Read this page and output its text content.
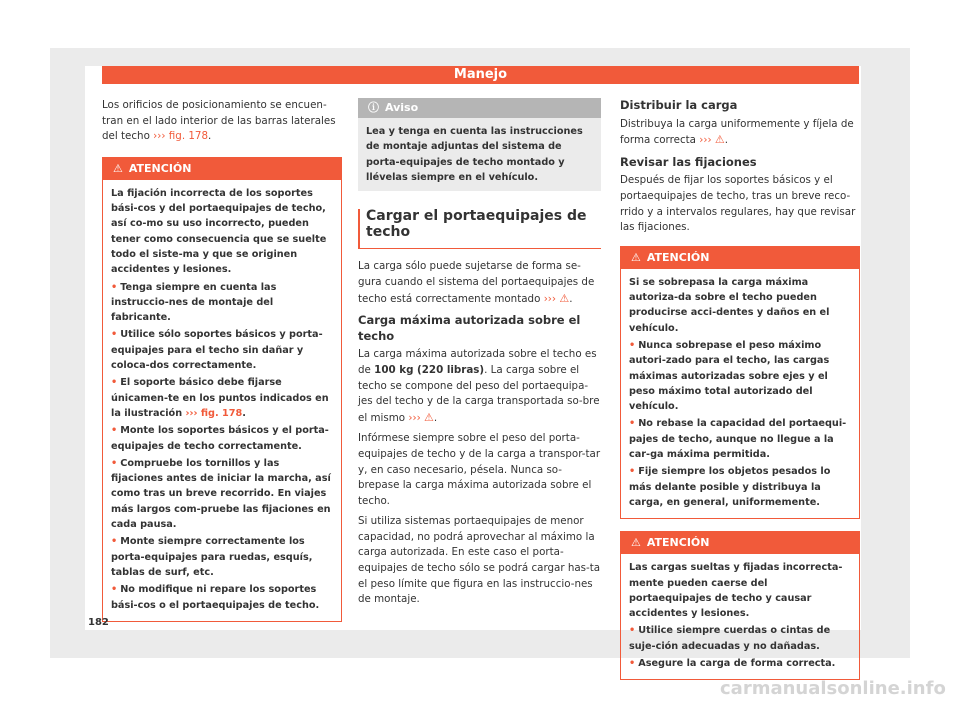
Manejo

Los orificios de posicionamiento se encuen-tran en el lado interior de las barras laterales del techo ››› fig. 178.

⚠ ATENCIÓN

La fijación incorrecta de los soportes bási-cos y del portaequipajes de techo, así co-mo su uso incorrecto, pueden tener como consecuencia que se suelte todo el siste-ma y que se originen accidentes y lesiones.

• Tenga siempre en cuenta las instruccio-nes de montaje del fabricante.

• Utilice sólo soportes básicos y porta-equipajes para el techo sin dañar y coloca-dos correctamente.

• El soporte básico debe fijarse únicamen-te en los puntos indicados en la ilustración ››› fig. 178.

• Monte los soportes básicos y el porta-equipajes de techo correctamente.

• Compruebe los tornillos y las fijaciones antes de iniciar la marcha, así como tras un breve recorrido. En viajes más largos com-pruebe las fijaciones en cada pausa.

• Monte siempre correctamente los porta-equipajes para ruedas, esquís, tablas de surf, etc.

• No modifique ni repare los soportes bási-cos o el portaequipajes de techo.

ⓘ Aviso
Lea y tenga en cuenta las instrucciones de montaje adjuntas del sistema de porta-equipajes de techo montado y llévelas siempre en el vehículo.
Cargar el portaequipajes de techo

La carga sólo puede sujetarse de forma se-gura cuando el sistema del portaequipajes de techo está correctamente montado ››› ⚠.

Carga máxima autorizada sobre el techo

La carga máxima autorizada sobre el techo es de 100 kg (220 libras). La carga sobre el techo se compone del peso del portaequipa-jes del techo y de la carga transportada so-bre el mismo ››› ⚠.

Infórmese siempre sobre el peso del porta-equipajes de techo y de la carga a transpor-tar y, en caso necesario, pésela. Nunca so-brepase la carga máxima autorizada sobre el techo.

Si utiliza sistemas portaequipajes de menor capacidad, no podrá aprovechar al máximo la carga autorizada. En este caso el porta-equipajes de techo sólo se podrá cargar has-ta el peso límite que figura en las instruccio-nes de montaje.

Distribuir la carga

Distribuya la carga uniformemente y fíjela de forma correcta ››› ⚠.

Revisar las fijaciones

Después de fijar los soportes básicos y el portaequipajes de techo, tras un breve reco-rrido y a intervalos regulares, hay que revisar las fijaciones.

⚠ ATENCIÓN

Si se sobrepasa la carga máxima autoriza-da sobre el techo pueden producirse acci-dentes y daños en el vehículo.

• Nunca sobrepase el peso máximo autori-zado para el techo, las cargas máximas autorizadas sobre ejes y el peso máximo total autorizado del vehículo.

• No rebase la capacidad del portaequi-pajes de techo, aunque no llegue a la car-ga máxima permitida.

• Fije siempre los objetos pesados lo más delante posible y distribuya la carga, en general, uniformemente.

⚠ ATENCIÓN

Las cargas sueltas y fijadas incorrecta-mente pueden caerse del portaequipajes de techo y causar accidentes y lesiones.

• Utilice siempre cuerdas o cintas de suje-ción adecuadas y no dañadas.

• Asegure la carga de forma correcta.

182
carmanualsonline.info
